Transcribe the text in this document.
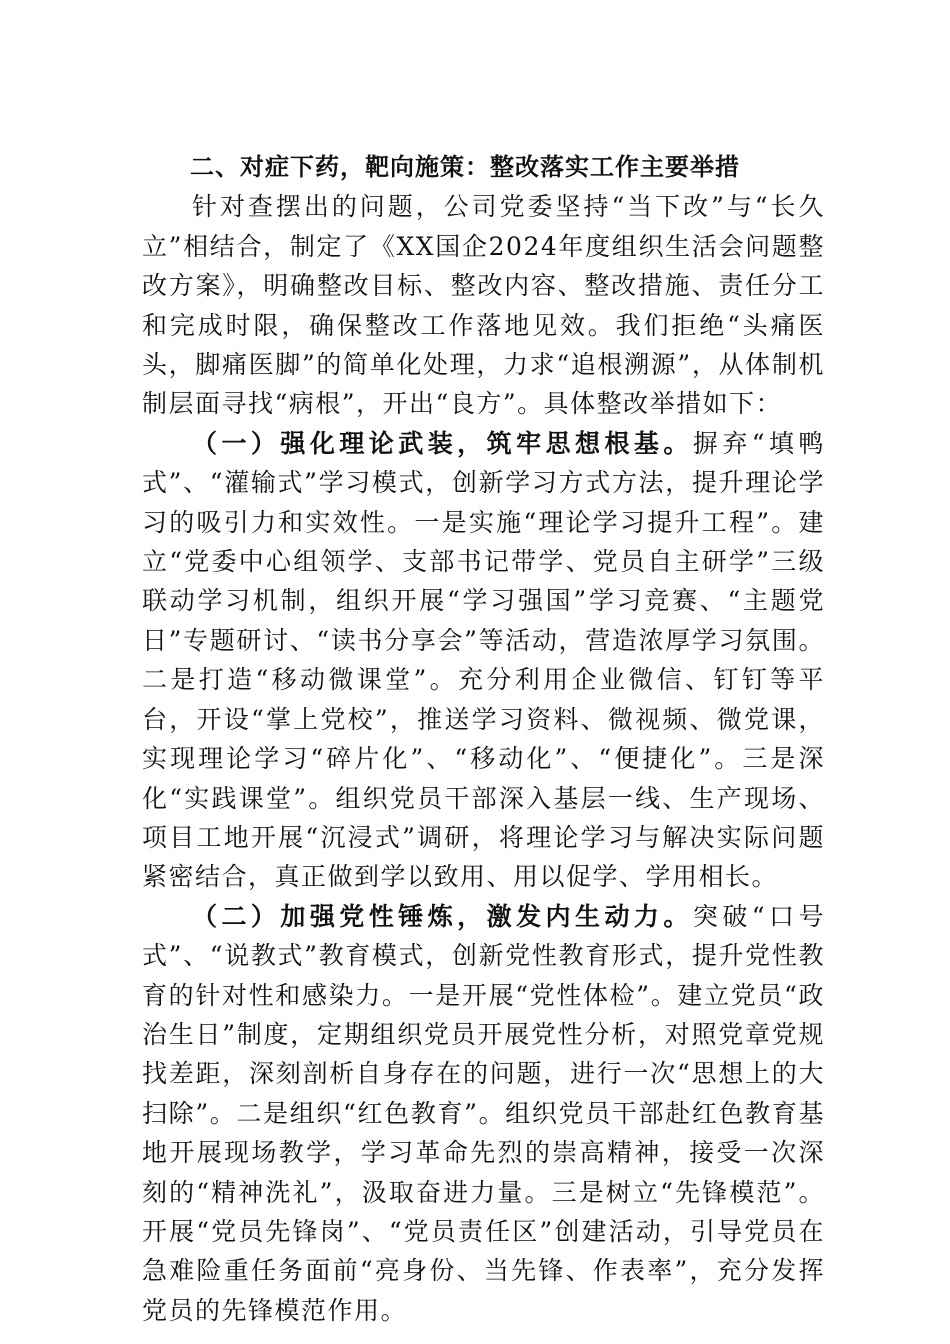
二、对症下药，靶向施策：整改落实工作主要举措

针对查摆出的问题，公司党委坚持“当下改”与“长久立”相结合，制定了《XX国企2024年度组织生活会问题整改方案》，明确整改目标、整改内容、整改措施、责任分工和完成时限，确保整改工作落地见效。我们拒绝“头痛医头，脚痛医脚”的简单化处理，力求“追根溯源”，从体制机制层面寻找“病根”，开出“良方”。具体整改举措如下：

（一）强化理论武装，筑牢思想根基。摒弃“填鸭式”、“灌输式”学习模式，创新学习方式方法，提升理论学习的吸引力和实效性。一是实施“理论学习提升工程”。建立“党委中心组领学、支部书记带学、党员自主研学”三级联动学习机制，组织开展“学习强国”学习竞赛、“主题党日”专题研讨、“读书分享会”等活动，营造浓厚学习氛围。二是打造“移动微课堂”。充分利用企业微信、钉钉等平台，开设“掌上党校”，推送学习资料、微视频、微党课，实现理论学习“碎片化”、“移动化”、“便捷化”。三是深化“实践课堂”。组织党员干部深入基层一线、生产现场、项目工地开展“沉浸式”调研，将理论学习与解决实际问题紧密结合，真正做到学以致用、用以促学、学用相长。

（二）加强党性锤炼，激发内生动力。突破“口号式”、“说教式”教育模式，创新党性教育形式，提升党性教育的针对性和感染力。一是开展“党性体检”。建立党员“政治生日”制度，定期组织党员开展党性分析，对照党章党规找差距，深刻剖析自身存在的问题，进行一次“思想上的大扫除”。二是组织“红色教育”。组织党员干部赴红色教育基地开展现场教学，学习革命先烈的崇高精神，接受一次深刻的“精神洗礼”，汲取奋进力量。三是树立“先锋模范”。开展“党员先锋岗”、“党员责任区”创建活动，引导党员在急难险重任务面前“亮身份、当先锋、作表率”，充分发挥党员的先锋模范作用。
